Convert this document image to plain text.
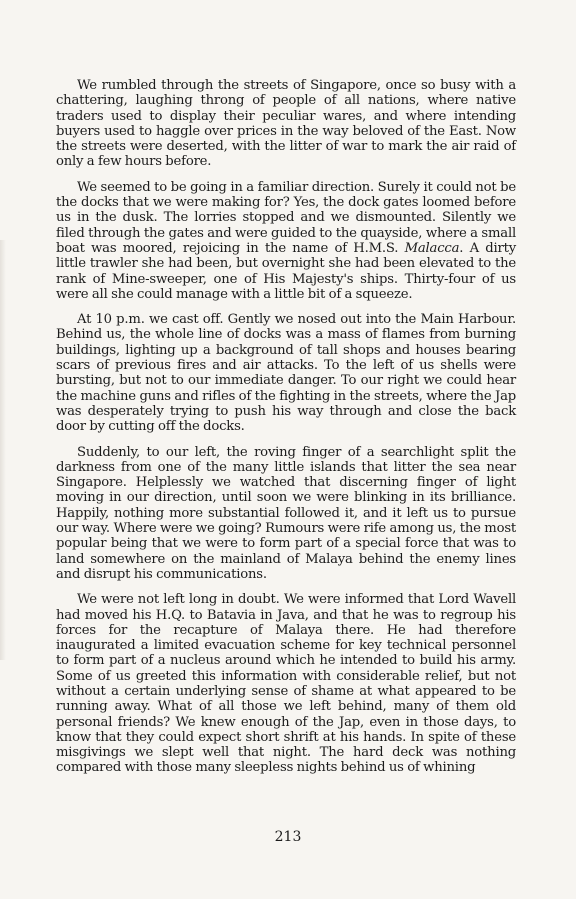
We rumbled through the streets of Singapore, once so busy with a chattering, laughing throng of people of all nations, where native traders used to display their peculiar wares, and where intending buyers used to haggle over prices in the way beloved of the East. Now the streets were deserted, with the litter of war to mark the air raid of only a few hours before.

We seemed to be going in a familiar direction. Surely it could not be the docks that we were making for? Yes, the dock gates loomed before us in the dusk. The lorries stopped and we dismounted. Silently we filed through the gates and were guided to the quayside, where a small boat was moored, rejoicing in the name of H.M.S. Malacca. A dirty little trawler she had been, but overnight she had been elevated to the rank of Mine-sweeper, one of His Majesty's ships. Thirty-four of us were all she could manage with a little bit of a squeeze.

At 10 p.m. we cast off. Gently we nosed out into the Main Harbour. Behind us, the whole line of docks was a mass of flames from burning buildings, lighting up a background of tall shops and houses bearing scars of previous fires and air attacks. To the left of us shells were bursting, but not to our immediate danger. To our right we could hear the machine guns and rifles of the fighting in the streets, where the Jap was desperately trying to push his way through and close the back door by cutting off the docks.

Suddenly, to our left, the roving finger of a searchlight split the darkness from one of the many little islands that litter the sea near Singapore. Helplessly we watched that discerning finger of light moving in our direction, until soon we were blinking in its brilliance. Happily, nothing more substantial followed it, and it left us to pursue our way. Where were we going? Rumours were rife among us, the most popular being that we were to form part of a special force that was to land somewhere on the mainland of Malaya behind the enemy lines and disrupt his communications.

We were not left long in doubt. We were informed that Lord Wavell had moved his H.Q. to Batavia in Java, and that he was to regroup his forces for the recapture of Malaya there. He had therefore inaugurated a limited evacuation scheme for key technical personnel to form part of a nucleus around which he intended to build his army. Some of us greeted this information with considerable relief, but not without a certain underlying sense of shame at what appeared to be running away. What of all those we left behind, many of them old personal friends? We knew enough of the Jap, even in those days, to know that they could expect short shrift at his hands. In spite of these misgivings we slept well that night. The hard deck was nothing compared with those many sleepless nights behind us of whining

213
